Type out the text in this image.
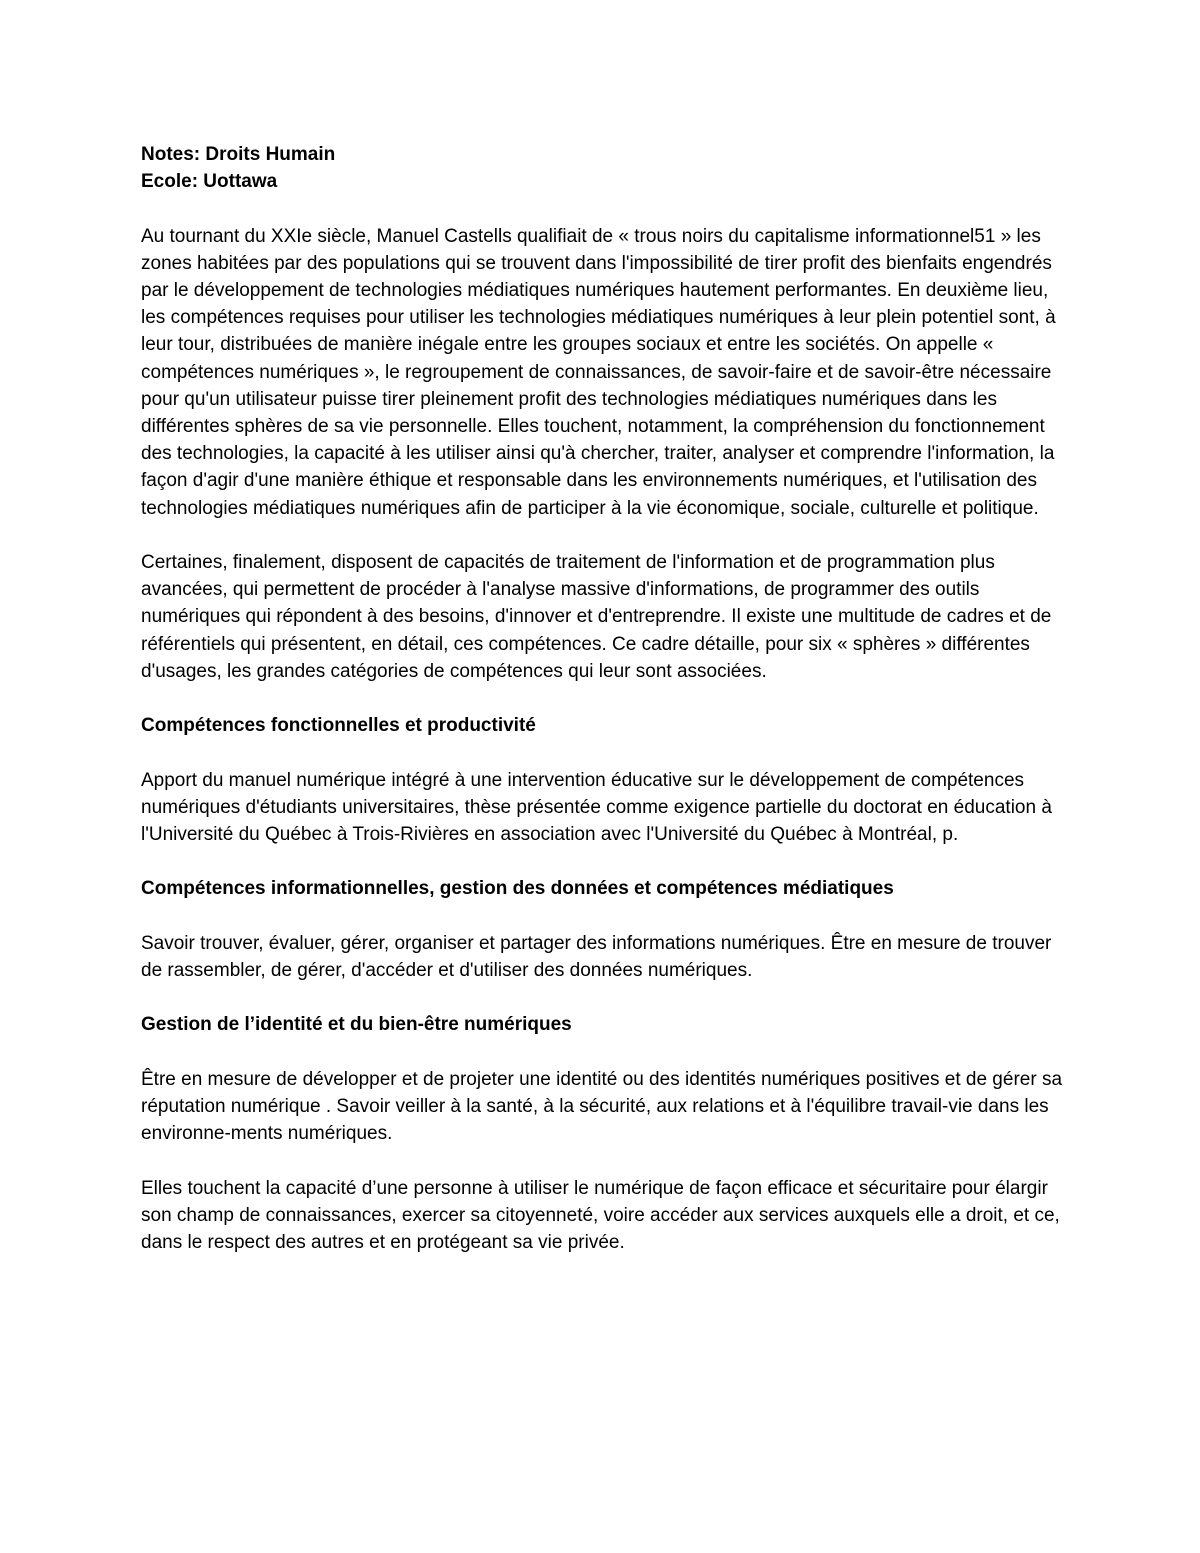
Notes: Droits Humain
Ecole: Uottawa

Au tournant du XXIe siècle, Manuel Castells qualifiait de « trous noirs du capitalisme informationnel51 » les zones habitées par des populations qui se trouvent dans l'impossibilité de tirer profit des bienfaits engendrés par le développement de technologies médiatiques numériques hautement performantes. En deuxième lieu, les compétences requises pour utiliser les technologies médiatiques numériques à leur plein potentiel sont, à leur tour, distribuées de manière inégale entre les groupes sociaux et entre les sociétés. On appelle « compétences numériques », le regroupement de connaissances, de savoir-faire et de savoir-être nécessaire pour qu'un utilisateur puisse tirer pleinement profit des technologies médiatiques numériques dans les différentes sphères de sa vie personnelle. Elles touchent, notamment, la compréhension du fonctionnement des technologies, la capacité à les utiliser ainsi qu'à chercher, traiter, analyser et comprendre l'information, la façon d'agir d'une manière éthique et responsable dans les environnements numériques, et l'utilisation des technologies médiatiques numériques afin de participer à la vie économique, sociale, culturelle et politique.

Certaines, finalement, disposent de capacités de traitement de l'information et de programmation plus avancées, qui permettent de procéder à l'analyse massive d'informations, de programmer des outils numériques qui répondent à des besoins, d'innover et d'entreprendre. Il existe une multitude de cadres et de référentiels qui présentent, en détail, ces compétences. Ce cadre détaille, pour six « sphères » différentes d'usages, les grandes catégories de compétences qui leur sont associées.

Compétences fonctionnelles et productivité

Apport du manuel numérique intégré à une intervention éducative sur le développement de compétences numériques d'étudiants universitaires, thèse présentée comme exigence partielle du doctorat en éducation à l'Université du Québec à Trois-Rivières en association avec l'Université du Québec à Montréal, p.

Compétences informationnelles, gestion des données et compétences médiatiques

Savoir trouver, évaluer, gérer, organiser et partager des informations numériques. Être en mesure de trouver de rassembler, de gérer, d'accéder et d'utiliser des données numériques.

Gestion de l’identité et du bien-être numériques

Être en mesure de développer et de projeter une identité ou des identités numériques positives et de gérer sa réputation numérique . Savoir veiller à la santé, à la sécurité, aux relations et à l'équilibre travail-vie dans les environne-ments numériques.

Elles touchent la capacité d’une personne à utiliser le numérique de façon efficace et sécuritaire pour élargir son champ de connaissances, exercer sa citoyenneté, voire accéder aux services auxquels elle a droit, et ce, dans le respect des autres et en protégeant sa vie privée.
